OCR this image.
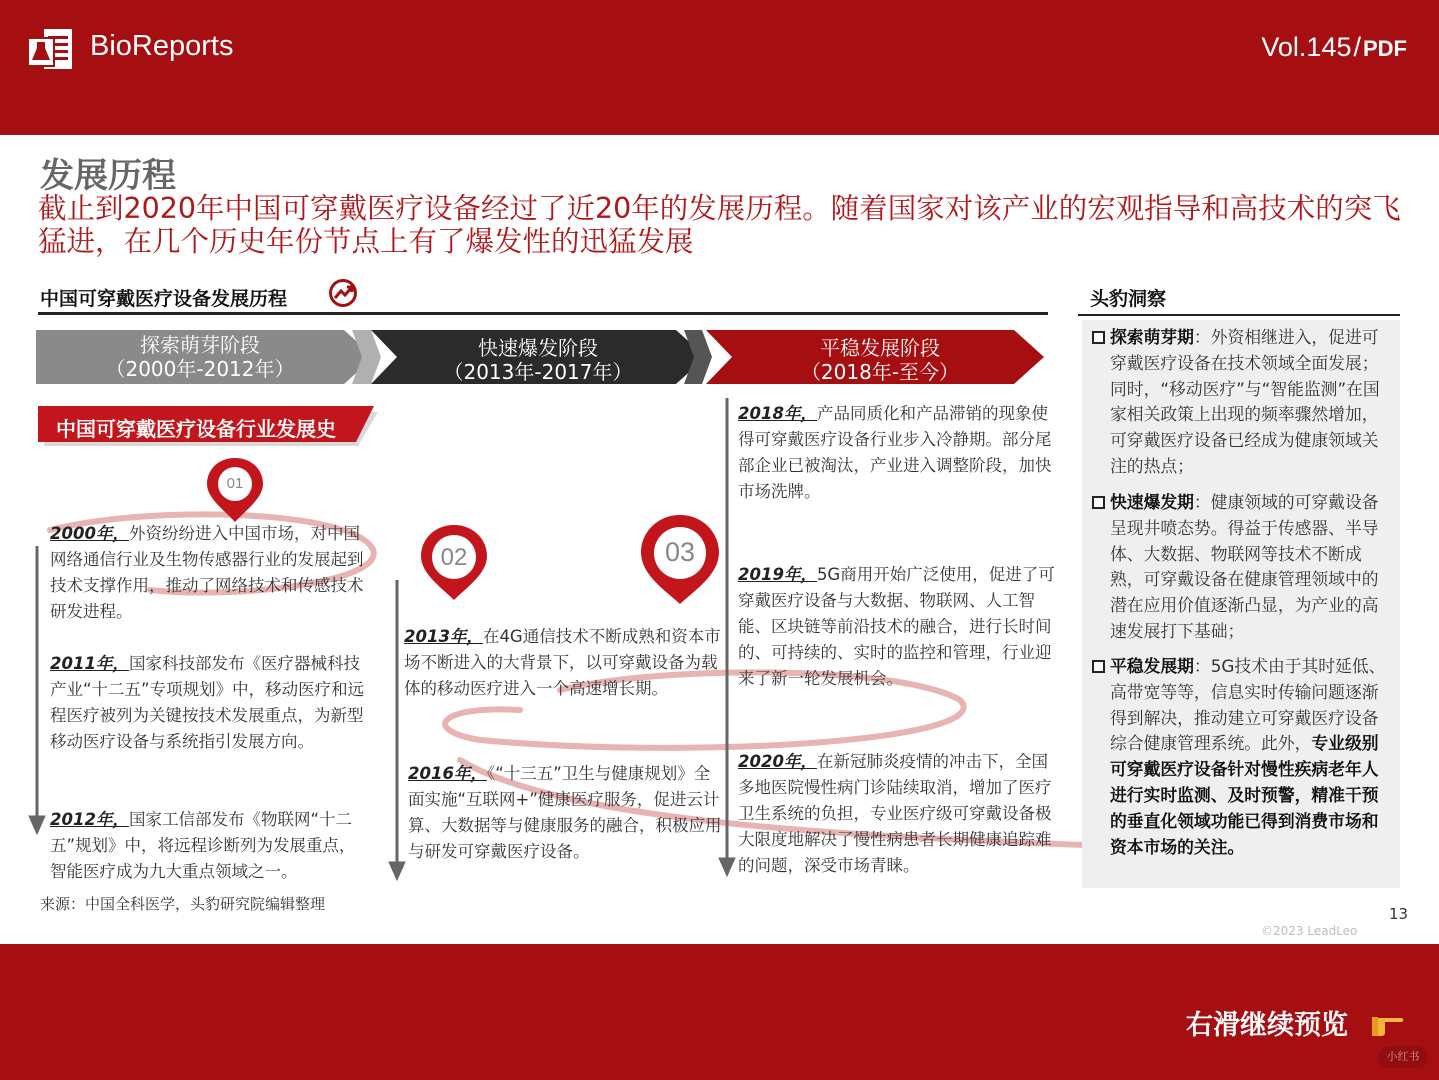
BioReports	Vol.145/PDF
发展历程
截止到2020年中国可穿戴医疗设备经过了近20年的发展历程。随着国家对该产业的宏观指导和高技术的突飞猛进，在几个历史年份节点上有了爆发性的迅猛发展
中国可穿戴医疗设备发展历程	头豹洞察
探索萌芽阶段
（2000年-2012年）
快速爆发阶段
（2013年-2017年）
平稳发展阶段
（2018年-至今）
中国可穿戴医疗设备行业发展史
01
02	03
2000年，外资纷纷进入中国市场，对中国网络通信行业及生物传感器行业的发展起到技术支撑作用，推动了网络技术和传感技术研发进程。
2011年，国家科技部发布《医疗器械科技产业“十二五”专项规划》中，移动医疗和远程医疗被列为关键按技术发展重点，为新型移动医疗设备与系统指引发展方向。
2012年，国家工信部发布《物联网“十二五”规划》中，将远程诊断列为发展重点，智能医疗成为九大重点领域之一。
2013年，在4G通信技术不断成熟和资本市场不断进入的大背景下，以可穿戴设备为载体的移动医疗进入一个高速增长期。
2016年，《“十三五”卫生与健康规划》全面实施“互联网+”健康医疗服务，促进云计算、大数据等与健康服务的融合，积极应用与研发可穿戴医疗设备。
2018年，产品同质化和产品滞销的现象使得可穿戴医疗设备行业步入冷静期。部分尾部企业已被淘汰，产业进入调整阶段，加快市场洗牌。
2019年，5G商用开始广泛使用，促进了可穿戴医疗设备与大数据、物联网、人工智能、区块链等前沿技术的融合，进行长时间的、可持续的、实时的监控和管理，行业迎来了新一轮发展机会。
2020年，在新冠肺炎疫情的冲击下，全国多地医院慢性病门诊陆续取消，增加了医疗卫生系统的负担，专业医疗级可穿戴设备极大限度地解决了慢性病患者长期健康追踪难的问题，深受市场青睐。
探索萌芽期：外资相继进入，促进可穿戴医疗设备在技术领域全面发展；同时，“移动医疗”与“智能监测”在国家相关政策上出现的频率骤然增加，可穿戴医疗设备已经成为健康领域关注的热点；
快速爆发期：健康领域的可穿戴设备呈现井喷态势。得益于传感器、半导体、大数据、物联网等技术不断成熟，可穿戴设备在健康管理领域中的潜在应用价值逐渐凸显，为产业的高速发展打下基础；
平稳发展期：5G技术由于其时延低、高带宽等等，信息实时传输问题逐渐得到解决，推动建立可穿戴医疗设备综合健康管理系统。此外，专业级别可穿戴医疗设备针对慢性疾病老年人进行实时监测、及时预警，精准干预的垂直化领域功能已得到消费市场和资本市场的关注。
来源：中国全科医学，头豹研究院编辑整理
13
©2023 LeadLeo
右滑继续预览
小红书
